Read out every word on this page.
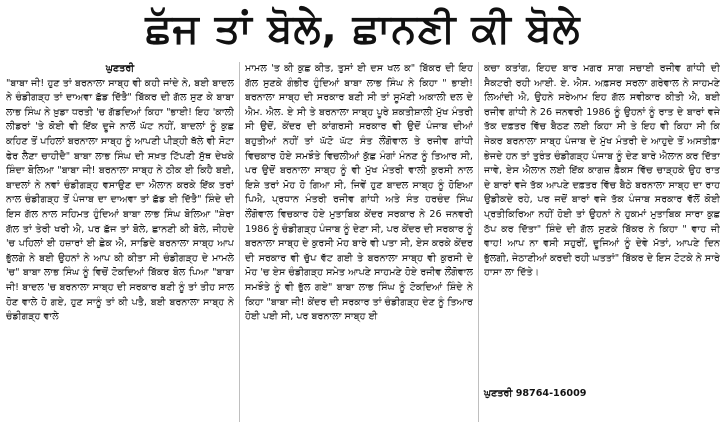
ਛੱਜ ਤਾਂ ਬੋਲੇ, ਛਾਨਣੀ ਕੀ ਬੋਲੇ
ਘੁਣਤਰੀ
"ਬਾਬਾ ਜੀ! ਹੁਣ ਤਾਂ ਬਰਨਾਲਾ ਸਾਬ੍ਹ ਵੀ ਕਹੀ ਜਾਂਦੇ ਨੇ, ਬਈ ਬਾਦਲ ਨੇ ਚੰਡੀਗੜ੍ਹ ਤਾਂ ਦਾਅਵਾ ਛੱਡ ਦਿੱਤੈ" ਬਿੱਕਰ ਦੀ ਗੱਲ ਸੁਣ ਕੇ ਬਾਬਾ ਲਾਭ ਸਿੰਘ ਨੇ ਖ਼ੁਡਾ ਧਰਤੀ 'ਚ ਗੱਡਦਿਆਂ ਕਿਹਾ "ਭਾਈ! ਇਹ 'ਕਾਲੀ ਲੀਡਰਾਂ 'ਤੇ ਕੋਈ ਵੀ ਇੱਕ ਦੂਜੇ ਨਾਲੋਂ ਘੱਟ ਨਹੀਂ, ਬਾਦਲਾਂ ਨੂੰ ਕੁਛ ਕਹਿਣ ਤੋਂ ਪਹਿਲਾਂ ਬਰਨਾਲਾ ਸਾਬ੍ਹ ਨੂੰ ਆਪਣੀ ਪੀੜ੍ਹੀ ਥੱਲੇ ਵੀ ਸੋਟਾ ਫੇਰ ਲੈਣਾ ਚਾਹੀਦੈ" ਬਾਬਾ ਲਾਭ ਸਿੰਘ ਦੀ ਸਖ਼ਤ ਟਿੱਪਣੀ ਸੁੱਥ ਦੇਖਕੇ ਸ਼ਿੰਦਾ ਬੋਲਿਆ "ਬਾਬਾ ਜੀ! ਬਰਨਾਲਾ ਸਾਬ੍ਹ ਨੇ ਠੀਕ ਈ ਕਿਹੈ ਬਈ, ਬਾਦਲਾਂ ਨੇ ਨਵਾਂ ਚੰਡੀਗੜ੍ਹ ਵਸਾਉਣ ਦਾ ਐਲਾਨ ਕਰਕੇ ਇੱਕ ਤਰਾਂ ਨਾਲ ਚੰਡੀਗੜ੍ਹ ਤੋਂ ਪੰਜਾਬ ਦਾ ਦਾਅਵਾ ਤਾਂ ਛੱਡ ਈ ਦਿੱਤੈ" ਸ਼ਿੰਦੇ ਦੀ ਇਸ ਗੱਲ ਨਾਲ ਸਹਿਮਤ ਹੁੰਦਿਆਂ ਬਾਬਾ ਲਾਭ ਸਿੰਘ ਬੋਲਿਆ "ਸ਼ੇਰਾ ਗੱਲ ਤਾਂ ਤੇਰੀ ਖਰੀ ਐ, ਪਰ ਛੱਜ ਤਾਂ ਬੋਲੇ, ਛਾਨਣੀ ਕੀ ਬੋਲੇ, ਜੀਹਦੇ 'ਚ ਪਹਿਲਾਂ ਈ ਹਜ਼ਾਰਾਂ ਈ ਛੇਕ ਐ, ਸਾਡਿਦੇ ਬਰਨਾਲਾ ਸਾਬ੍ਹ ਆਪ ਭੁੱਲਗੇ ਨੇ ਬਈ ਉਹਨਾਂ ਨੇ ਆਪ ਕੀ ਕੀਤਾ ਸੀ ਚੰਡੀਗੜ੍ਹ ਦੇ ਮਾਮਲੇ 'ਚ" ਬਾਬਾ ਲਾਭ ਸਿੰਘ ਨੂੰ ਵਿਚੋਂ ਟੋਕਦਿਆਂ ਬਿੱਕਰ ਬੋਲ ਪਿਆ "ਬਾਬਾ ਜੀ! ਬਾਦਲ 'ਚ ਬਰਨਾਲਾ ਸਾਬ੍ਹ ਦੀ ਸਰਕਾਰ ਬਣੀ ਨੂੰ ਤਾਂ ਤੀਹ ਸਾਲ ਹੋਣ ਵਾਲੇ ਹੋ ਗਏ, ਹੁਣ ਸਾਨੂੰ ਤਾਂ ਕੀ ਪਤੈ, ਬਈ ਬਰਨਾਲਾ ਸਾਬ੍ਹ ਨੇ ਚੰਡੀਗੜ੍ਹ ਵਾਲੇ
ਮਾਮਲ 'ਤ ਕੀ ਕੁਛ ਕੀਤ, ਤੁਸਾਂ ਈ ਦਸ ਖਲ ਕ" ਬਿੱਕਰ ਦੀ ਇਹ ਗੱਲ ਸੁਣਕੇ ਗੰਭੀਰ ਹੁੰਦਿਆਂ ਬਾਬਾ ਲਾਭ ਸਿੰਘ ਨੇ ਕਿਹਾ " ਭਾਈ! ਬਰਨਾਲਾ ਸਾਬ੍ਹ ਦੀ ਸਰਕਾਰ ਬਣੀ ਸੀ ਤਾਂ ਸੂਮੱਣੀ ਅਕਾਲੀ ਦਲ ਦੇ ਐਮ. ਐਲ. ਏ ਸੀ ਤੇ ਬਰਨਾਲਾ ਸਾਬ੍ਹ ਪੂਰੇ ਸ਼ਕਤੀਸ਼ਾਲੀ ਮੁੱਖ ਮੰਤਰੀ ਸੀ ਉਦੋਂ, ਕੇਂਦਰ ਦੀ ਕਾਂਗਰਸੀ ਸਰਕਾਰ ਵੀ ਉਦੋਂ ਪੰਜਾਬ ਦੀਆਂ ਬਹੁਤੀਆਂ ਨਹੀਂ ਤਾਂ ਘੱਟੋ ਘੱਟ ਸੰਤ ਲੌਂਗੋਵਾਲ ਤੇ ਰਜੀਵ ਗਾਂਧੀ ਵਿਚਕਾਰ ਹੋਏ ਸਮਝੌਤੇ ਵਿਚਲੀਆਂ ਕੁੱਛ ਮੰਗਾਂ ਮੰਨਣ ਨੂੰ ਤਿਆਰ ਸੀ, ਪਰ ਉਦੋਂ ਬਰਨਾਲਾ ਸਾਬ੍ਹ ਨੂੰ ਵੀ ਮੁੱਖ ਮੰਤਰੀ ਵਾਲੀ ਕੁਰਸੀ ਨਾਲ ਇਸ਼ੇ ਤਰਾਂ ਮੋਹ ਹੋ ਗਿਆ ਸੀ, ਜਿਵੇਂ ਹੁਣ ਬਾਦਲ ਸਾਬ੍ਹ ਨੂੰ ਹੋਇਆ ਪਿਐ, ਪ੍ਰਧਾਨ ਮੰਤਰੀ ਰਜੀਵ ਗਾਂਧੀ ਅਤੇ ਸੰਤ ਹਰਚੰਦ ਸਿੰਘ ਲੌਂਗੋਵਾਲ ਵਿਚਕਾਰ ਹੋਏ ਮੁਤਾਬਿਕ ਕੇਂਦਰ ਸਰਕਾਰ ਨੇ 26 ਜਨਵਰੀ 1986 ਨੂੰ ਚੰਡੀਗੜ੍ਹ ਪੰਜਾਬ ਨੂੰ ਦੇਣਾ ਸੀ, ਪਰ ਕੇਂਦਰ ਦੀ ਸਰਕਾਰ ਨੂੰ ਬਰਨਾਲਾ ਸਾਬ੍ਹ ਦੇ ਕੁਰਸੀ ਮੋਹ ਬਾਰੇ ਵੀ ਪਤਾ ਸੀ, ਏਸ ਕਰਕੇ ਕੇਂਦਰ ਦੀ ਸਰਕਾਰ ਵੀ ਚੁੱਪ ਵੱਟ ਗਈ ਤੇ ਬਰਨਾਲਾ ਸਾਬ੍ਹ ਵੀ ਕੁਰਸੀ ਦੇ ਮੋਹ 'ਚ ਏਸ ਚੰਡੀਗੜ੍ਹ ਸਮੇਤ ਆਪਣੇ ਸਾਹਮਣੇ ਹੋਏ ਰਜੀਵ ਲੌਂਗੋਵਾਲ ਸਮਝੌਤੇ ਨੂੰ ਵੀ ਭੁੱਲ ਗਏ" ਬਾਬਾ ਲਾਭ ਸਿੰਘ ਨੂੰ ਟੋਕਦਿਆਂ ਸ਼ਿੰਦੇ ਨੇ ਕਿਹਾ "ਬਾਬਾ ਜੀ! ਕੇਂਦਰ ਦੀ ਸਰਕਾਰ ਤਾਂ ਚੰਡੀਗੜ੍ਹ ਦੇਣ ਨੂੰ ਤਿਆਰ ਹੋਈ ਪਈ ਸੀ, ਪਰ ਬਰਨਾਲਾ ਸਾਬ੍ਹ ਈ
ਕਚਾ ਕਤਾਂਗ, ਇਹਦ ਬਾਰ ਮਗਰ ਸਾਗ ਸਚਾਈ ਰਜੀਵ ਗਾਂਧੀ ਦੀ ਸੈਕਟਰੀ ਰਹੀ ਆਈ. ਏ. ਐਸ. ਅਫ਼ਸਰ ਸਰਲਾ ਗਰੇਵਾਲ ਨੇ ਸਾਹਮਣੇ ਲਿਆਂਦੀ ਐ, ਉਹਨੇ ਸਰੇਆਮ ਇਹ ਗੱਲ ਸਵੀਕਾਰ ਕੀਤੀ ਐ, ਬਈ ਰਜੀਵ ਗਾਂਧੀ ਨੇ 26 ਜਨਵਰੀ 1986 ਨੂੰ ਉਹਨਾਂ ਨੂੰ ਰਾਤ ਦੇ ਬਾਰਾਂ ਵਜੇ ਤੱਕ ਦਫ਼ਤਰ ਵਿੱਚ ਬੈਠਣ ਲਈ ਕਿਹਾ ਸੀ ਤੇ ਇਹ ਵੀ ਕਿਹਾ ਸੀ ਕਿ ਜੇਕਰ ਬਰਨਾਲਾ ਸਾਬ੍ਹ ਪੰਜਾਬ ਦੇ ਮੁੱਖ ਮੰਤਰੀ ਦੇ ਆਹੁਦੇ ਤੋਂ ਅਸਤੀਫ਼ਾ ਭੇਜਦੇ ਹਨ ਤਾਂ ਤੁਰੰਤ ਚੰਡੀਗੜ੍ਹ ਪੰਜਾਬ ਨੂੰ ਦੇਣ ਬਾਰੇ ਐਲਾਨ ਕਰ ਦਿੱਤਾ ਜਾਵੇ, ਏਸ ਐਲਾਨ ਲਈ ਇੱਕ ਕਾਗਜ਼ ਫ਼ੈਕਸ ਵਿੱਚ ਚਾੜ੍ਹਕੇ ਉਹ ਰਾਤ ਦੇ ਬਾਰਾਂ ਵਜੇ ਤੱਕ ਆਪਣੇ ਦਫ਼ਤਰ ਵਿੱਚ ਬੈਠੇ ਬਰਨਾਲਾ ਸਾਬ੍ਹ ਦਾ ਰਾਹ ਉਡੀਕਦੇ ਰਹੇ, ਪਰ ਜਦੋਂ ਬਾਰਾਂ ਵਜੇ ਤੱਕ ਪੰਜਾਬ ਸਰਕਾਰ ਵੱਲੋਂ ਕੋਈ ਪ੍ਰਤੀਕਿਰਿਆ ਨਹੀਂ ਹੋਈ ਤਾਂ ਉਹਨਾਂ ਨੇ ਹੁਕਮਾਂ ਮੁਤਾਬਿਕ ਸਾਰਾ ਕੁਛ ਠੱਪ ਕਰ ਦਿੱਤਾ" ਸ਼ਿੰਦੇ ਦੀ ਗੱਲ ਸੁਣਕੇ ਬਿੱਕਰ ਨੇ ਕਿਹਾ " ਵਾਹ ਜੀ ਵਾਹ! ਆਪ ਨਾ ਵਸੀ ਸਹੁਰੀਂ, ਦੂਜਿਆਂ ਨੂੰ ਦੇਵੇ ਮੱਤਾਂ, ਆਪਣੇ ਦਿਨ ਭੁੱਲਗੀ, ਜੇਠਾਣੀਆਂ ਕਰਦੀ ਰਹੀ ਘਤਤਾਂ" ਬਿੱਕਰ ਦੇ ਇਸ ਟੋਟਕੇ ਨੇ ਸਾਰੇ ਹਾਸਾ ਲਾ ਦਿੱਤੇ।
ਘੁਣਤਰੀ 98764-16009
